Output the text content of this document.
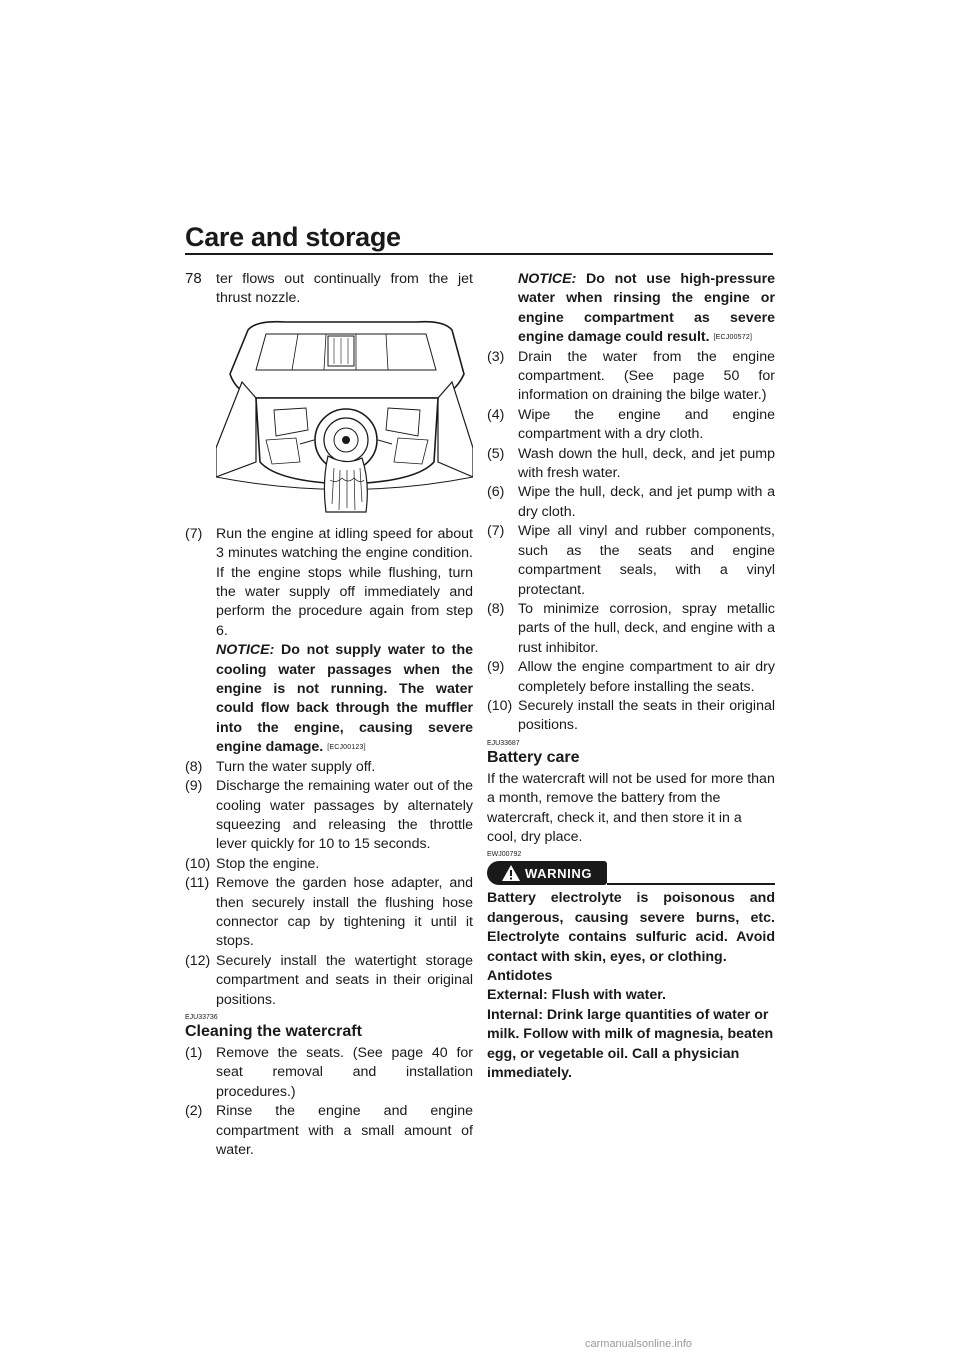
Care and storage
78	ter flows out continually from the jet thrust nozzle.

(7) Run the engine at idling speed for about 3 minutes watching the engine condition. If the engine stops while flushing, turn the water supply off immediately and perform the procedure again from step 6.
NOTICE: Do not supply water to the cooling water passages when the engine is not running. The water could flow back through the muffler into the engine, causing severe engine damage. [ECJ00123]
(8) Turn the water supply off.
(9) Discharge the remaining water out of the cooling water passages by alternately squeezing and releasing the throttle lever quickly for 10 to 15 seconds.
(10) Stop the engine.
(11) Remove the garden hose adapter, and then securely install the flushing hose connector cap by tightening it until it stops.
(12) Securely install the watertight storage compartment and seats in their original positions.
EJU33736
Cleaning the watercraft
(1) Remove the seats. (See page 40 for seat removal and installation procedures.)
(2) Rinse the engine and engine compartment with a small amount of water.
NOTICE: Do not use high-pressure water when rinsing the engine or engine compartment as severe engine damage could result. [ECJ00572]
(3) Drain the water from the engine compartment. (See page 50 for information on draining the bilge water.)
(4) Wipe the engine and engine compartment with a dry cloth.
(5) Wash down the hull, deck, and jet pump with fresh water.
(6) Wipe the hull, deck, and jet pump with a dry cloth.
(7) Wipe all vinyl and rubber components, such as the seats and engine compartment seals, with a vinyl protectant.
(8) To minimize corrosion, spray metallic parts of the hull, deck, and engine with a rust inhibitor.
(9) Allow the engine compartment to air dry completely before installing the seats.
(10) Securely install the seats in their original positions.
EJU33687
Battery care

If the watercraft will not be used for more than a month, remove the battery from the watercraft, check it, and then store it in a cool, dry place.

EWJ00792
WARNING
Battery electrolyte is poisonous and dangerous, causing severe burns, etc. Electrolyte contains sulfuric acid. Avoid contact with skin, eyes, or clothing.
Antidotes
External: Flush with water.
Internal: Drink large quantities of water or milk. Follow with milk of magnesia, beaten egg, or vegetable oil. Call a physician immediately.
carmanualsonline.info
